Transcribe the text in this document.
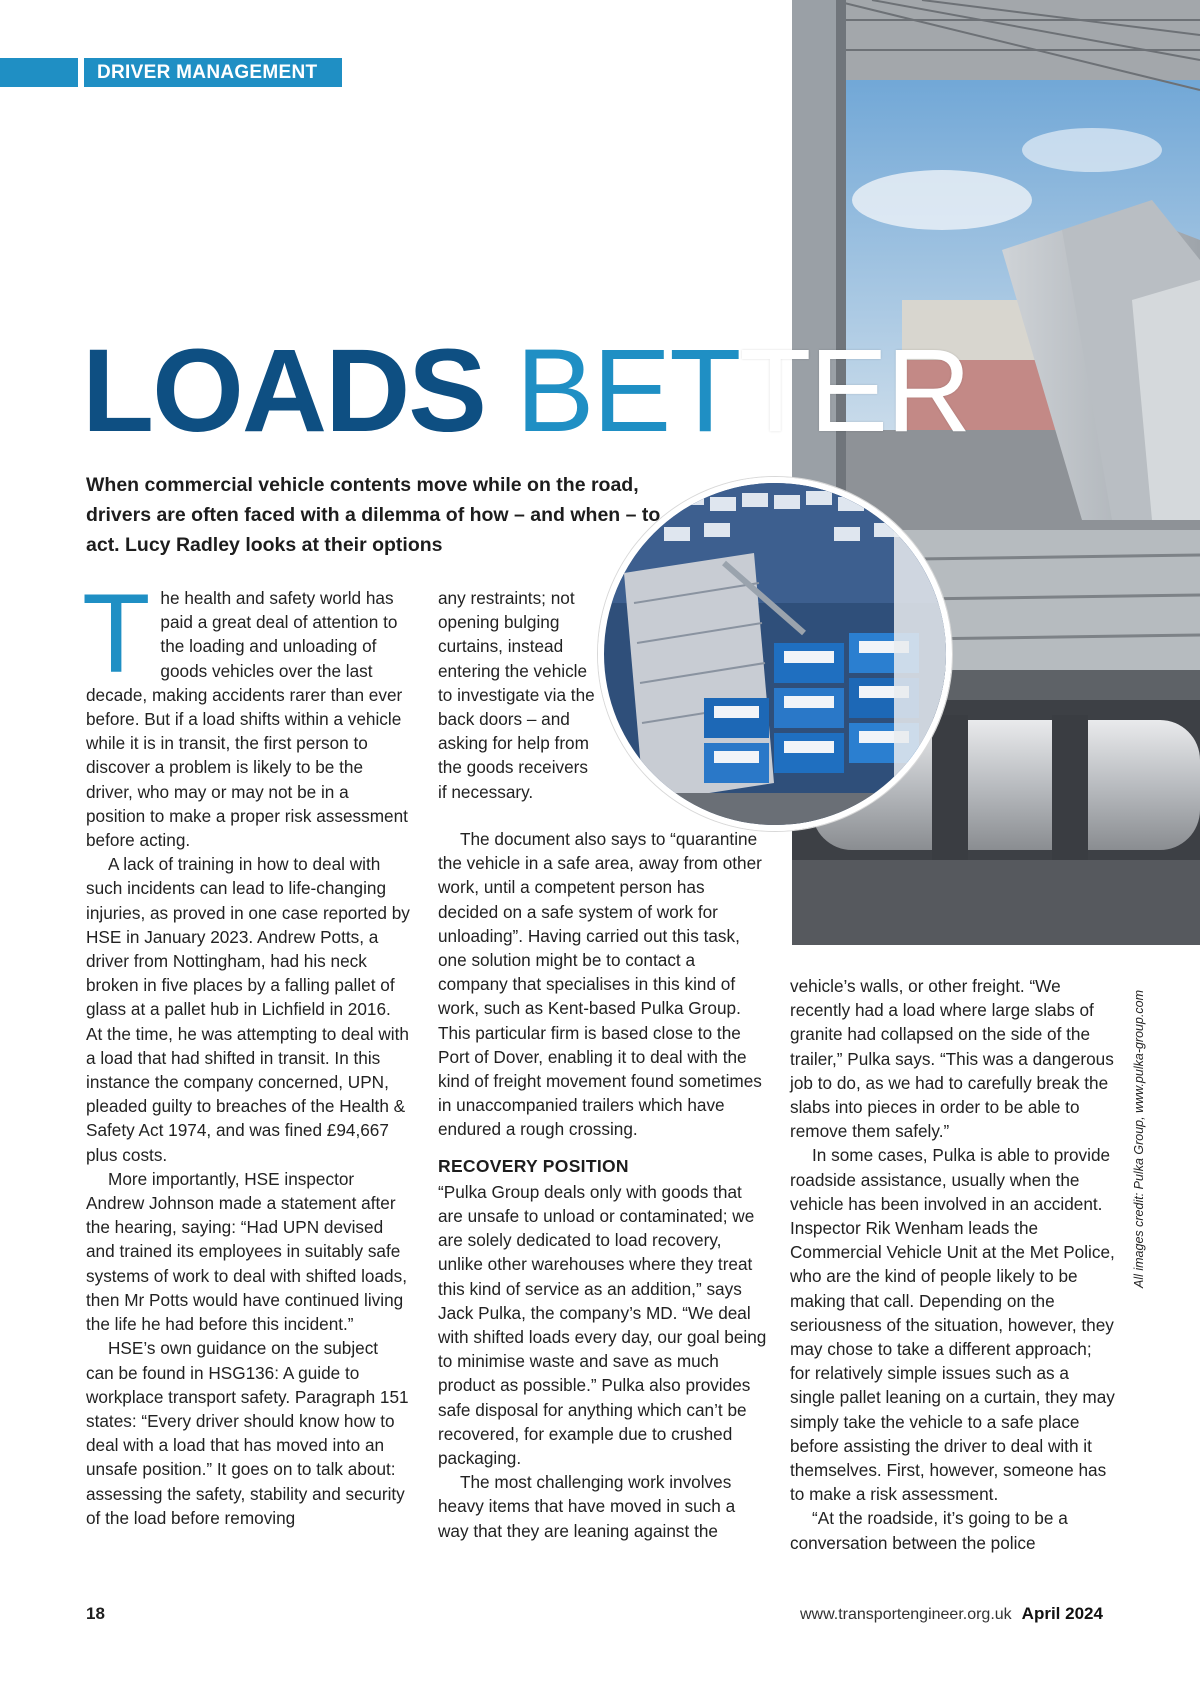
DRIVER MANAGEMENT
LOADS BETTER
When commercial vehicle contents move while on the road, drivers are often faced with a dilemma of how – and when – to act. Lucy Radley looks at their options
T he health and safety world has paid a great deal of attention to the loading and unloading of goods vehicles over the last decade, making accidents rarer than ever before. But if a load shifts within a vehicle while it is in transit, the first person to discover a problem is likely to be the driver, who may or may not be in a position to make a proper risk assessment before acting.

A lack of training in how to deal with such incidents can lead to life-changing injuries, as proved in one case reported by HSE in January 2023. Andrew Potts, a driver from Nottingham, had his neck broken in five places by a falling pallet of glass at a pallet hub in Lichfield in 2016. At the time, he was attempting to deal with a load that had shifted in transit. In this instance the company concerned, UPN, pleaded guilty to breaches of the Health & Safety Act 1974, and was fined £94,667 plus costs.

More importantly, HSE inspector Andrew Johnson made a statement after the hearing, saying: “Had UPN devised and trained its employees in suitably safe systems of work to deal with shifted loads, then Mr Potts would have continued living the life he had before this incident.”

HSE’s own guidance on the subject can be found in HSG136: A guide to workplace transport safety. Paragraph 151 states: “Every driver should know how to deal with a load that has moved into an unsafe position.” It goes on to talk about: assessing the safety, stability and security of the load before removing

any restraints; not opening bulging curtains, instead entering the vehicle to investigate via the back doors – and asking for help from the goods receivers if necessary.

The document also says to “quarantine the vehicle in a safe area, away from other work, until a competent person has decided on a safe system of work for unloading”. Having carried out this task, one solution might be to contact a company that specialises in this kind of work, such as Kent-based Pulka Group. This particular firm is based close to the Port of Dover, enabling it to deal with the kind of freight movement found sometimes in unaccompanied trailers which have endured a rough crossing.

RECOVERY POSITION

“Pulka Group deals only with goods that are unsafe to unload or contaminated; we are solely dedicated to load recovery, unlike other warehouses where they treat this kind of service as an addition,” says Jack Pulka, the company’s MD. “We deal with shifted loads every day, our goal being to minimise waste and save as much product as possible.” Pulka also provides safe disposal for anything which can’t be recovered, for example due to crushed packaging.

The most challenging work involves heavy items that have moved in such a way that they are leaning against the

vehicle’s walls, or other freight. “We recently had a load where large slabs of granite had collapsed on the side of the trailer,” Pulka says. “This was a dangerous job to do, as we had to carefully break the slabs into pieces in order to be able to remove them safely.”

In some cases, Pulka is able to provide roadside assistance, usually when the vehicle has been involved in an accident. Inspector Rik Wenham leads the Commercial Vehicle Unit at the Met Police, who are the kind of people likely to be making that call. Depending on the seriousness of the situation, however, they may chose to take a different approach; for relatively simple issues such as a single pallet leaning on a curtain, they may simply take the vehicle to a safe place before assisting the driver to deal with it themselves. First, however, someone has to make a risk assessment.

“At the roadside, it’s going to be a conversation between the police

All images credit: Pulka Group, www.pulka-group.com
18	www.transportengineer.org.uk April 2024
